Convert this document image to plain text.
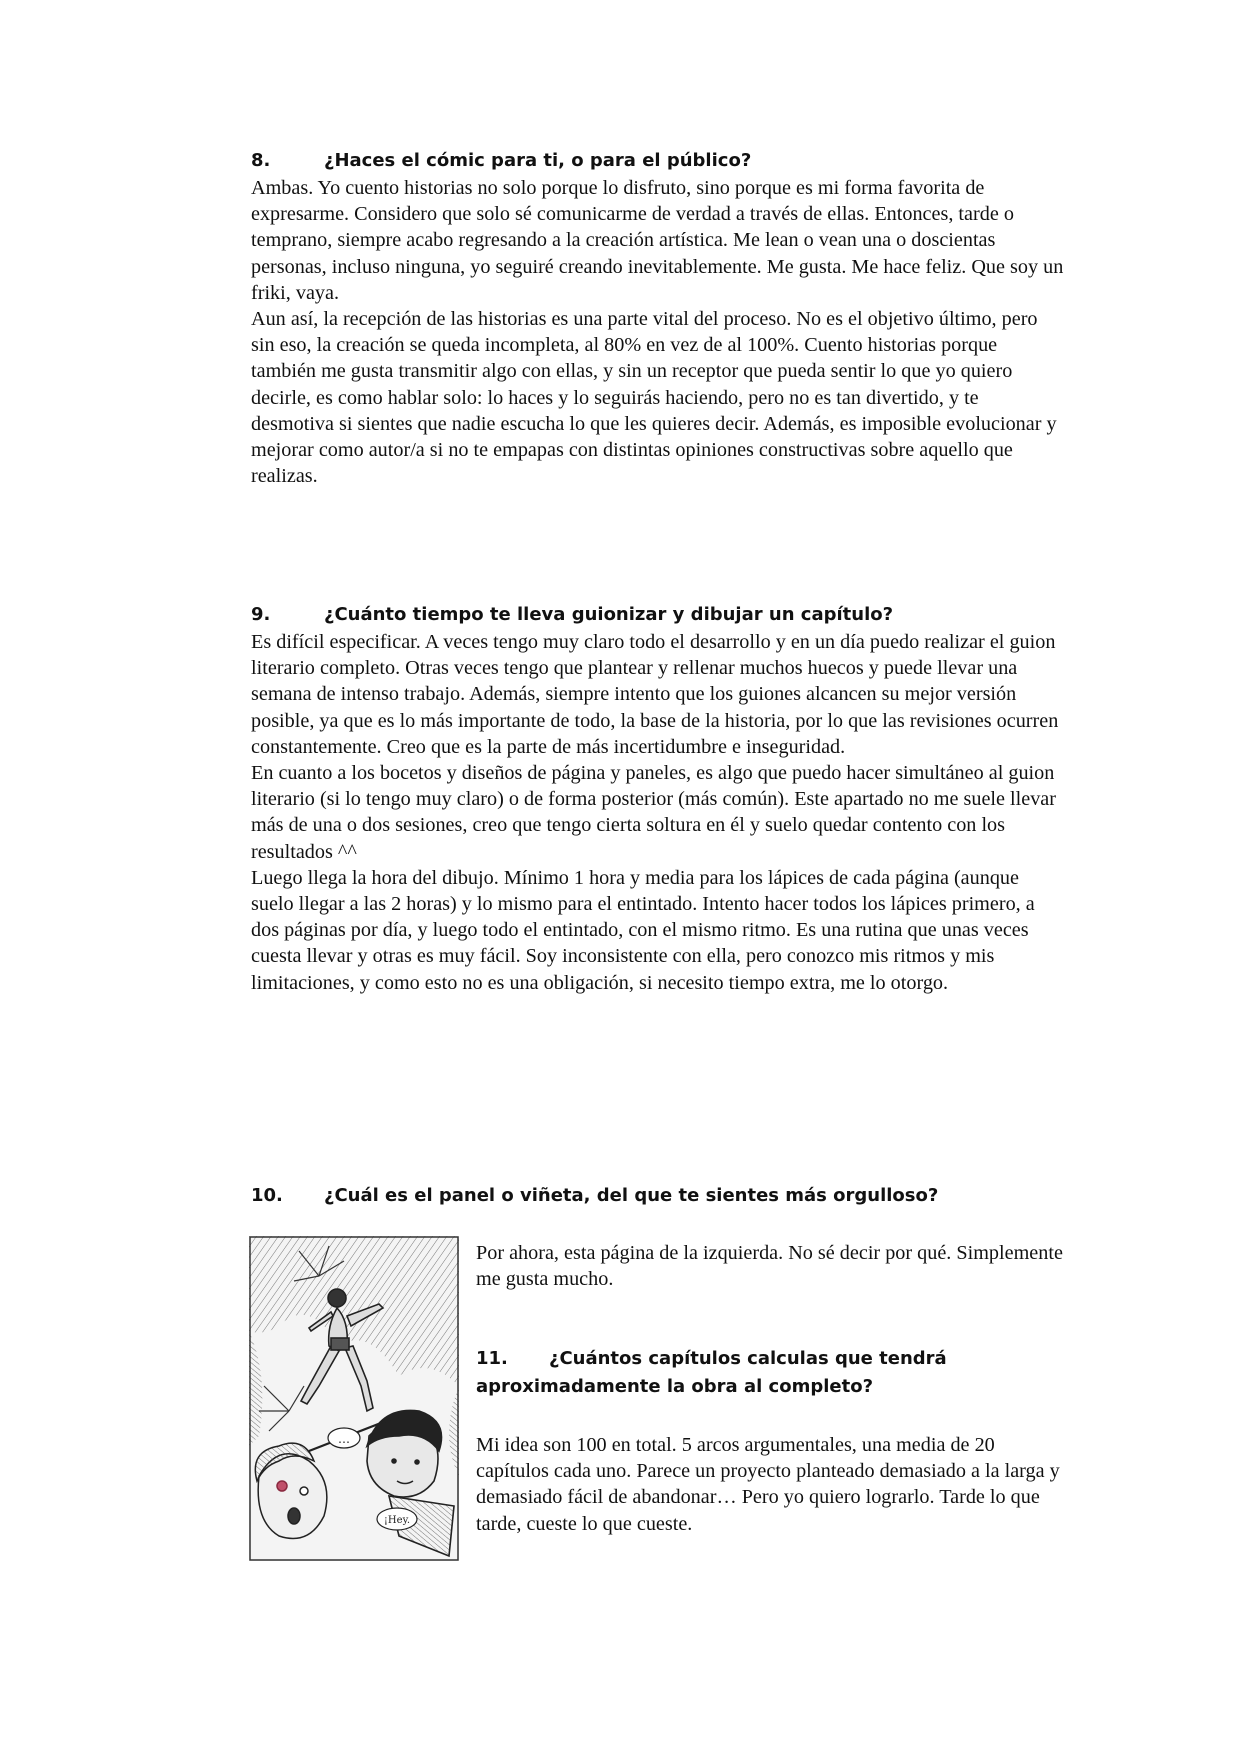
8.	¿Haces el cómic para ti, o para el público?

Ambas. Yo cuento historias no solo porque lo disfruto, sino porque es mi forma favorita de expresarme. Considero que solo sé comunicarme de verdad a través de ellas. Entonces, tarde o temprano, siempre acabo regresando a la creación artística. Me lean o vean una o doscientas personas, incluso ninguna, yo seguiré creando inevitablemente. Me gusta. Me hace feliz. Que soy un friki, vaya.

Aun así, la recepción de las historias es una parte vital del proceso. No es el objetivo último, pero sin eso, la creación se queda incompleta, al 80% en vez de al 100%. Cuento historias porque también me gusta transmitir algo con ellas, y sin un receptor que pueda sentir lo que yo quiero decirle, es como hablar solo: lo haces y lo seguirás haciendo, pero no es tan divertido, y te desmotiva si sientes que nadie escucha lo que les quieres decir. Además, es imposible evolucionar y mejorar como autor/a si no te empapas con distintas opiniones constructivas sobre aquello que realizas.

9.	¿Cuánto tiempo te lleva guionizar y dibujar un capítulo?

Es difícil especificar. A veces tengo muy claro todo el desarrollo y en un día puedo realizar el guion literario completo. Otras veces tengo que plantear y rellenar muchos huecos y puede llevar una semana de intenso trabajo. Además, siempre intento que los guiones alcancen su mejor versión posible, ya que es lo más importante de todo, la base de la historia, por lo que las revisiones ocurren constantemente. Creo que es la parte de más incertidumbre e inseguridad.

En cuanto a los bocetos y diseños de página y paneles, es algo que puedo hacer simultáneo al guion literario (si lo tengo muy claro) o de forma posterior (más común). Este apartado no me suele llevar más de una o dos sesiones, creo que tengo cierta soltura en él y suelo quedar contento con los resultados ^^

Luego llega la hora del dibujo. Mínimo 1 hora y media para los lápices de cada página (aunque suelo llegar a las 2 horas) y lo mismo para el entintado. Intento hacer todos los lápices primero, a dos páginas por día, y luego todo el entintado, con el mismo ritmo. Es una rutina que unas veces cuesta llevar y otras es muy fácil. Soy inconsistente con ella, pero conozco mis ritmos y mis limitaciones, y como esto no es una obligación, si necesito tiempo extra, me lo otorgo.

10.	¿Cuál es el panel o viñeta, del que te sientes más orgulloso?
…
¡Hey.

Por ahora, esta página de la izquierda. No sé decir por qué. Simplemente me gusta mucho.

11.	¿Cuántos capítulos calculas que tendrá
aproximadamente la obra al completo?

Mi idea son 100 en total. 5 arcos argumentales, una media de 20 capítulos cada uno. Parece un proyecto planteado demasiado a la larga y demasiado fácil de abandonar… Pero yo quiero lograrlo. Tarde lo que tarde, cueste lo que cueste.
